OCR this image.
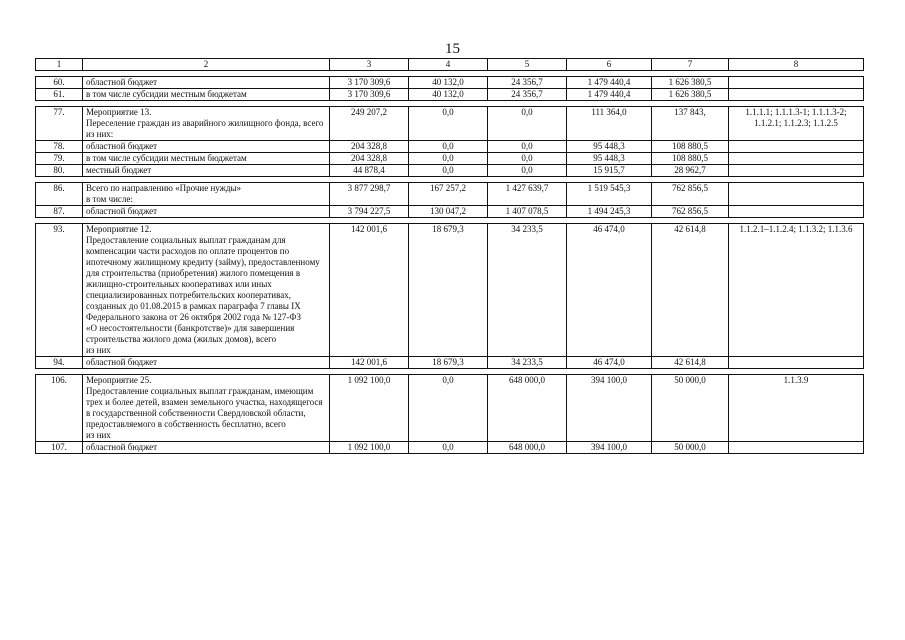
15
1	2	3	4	5	6	7	8

60.	областной бюджет	3 170 309,6	40 132,0	24 356,7	1 479 440,4	1 626 380,5	
61.	в том числе субсидии местным бюджетам	3 170 309,6	40 132,0	24 356,7	1 479 440,4	1 626 380,5	

77.	Мероприятие 13.
Переселение граждан из аварийного жилищного фонда, всего
из них:	249 207,2	0,0	0,0	111 364,0	137 843,	1.1.1.1; 1.1.1.3-1; 1.1.1.3-2; 1.1.2.1; 1.1.2.3; 1.1.2.5
78.	областной бюджет	204 328,8	0,0	0,0	95 448,3	108 880,5	
79.	в том числе субсидии местным бюджетам	204 328,8	0,0	0,0	95 448,3	108 880,5	
80.	местный бюджет	44 878,4	0,0	0,0	15 915,7	28 962,7	

86.	Всего по направлению «Прочие нужды»
в том числе:	3 877 298,7	167 257,2	1 427 639,7	1 519 545,3	762 856,5	
87.	областной бюджет	3 794 227,5	130 047,2	1 407 078,5	1 494 245,3	762 856,5	

93.	Мероприятие 12.
Предоставление социальных выплат гражданам для компенсации части расходов по оплате процентов по ипотечному жилищному кредиту (займу), предоставленному для строительства (приобретения) жилого помещения в жилищно-строительных кооперативах или иных специализированных потребительских кооперативах, созданных до 01.08.2015 в рамках параграфа 7 главы IX Федерального закона от 26 октября 2002 года № 127-ФЗ
«О несостоятельности (банкротстве)» для завершения строительства жилого дома (жилых домов), всего
из них	142 001,6	18 679,3	34 233,5	46 474,0	42 614,8	1.1.2.1–1.1.2.4; 1.1.3.2; 1.1.3.6
94.	областной бюджет	142 001,6	18 679,3	34 233,5	46 474,0	42 614,8	

106.	Мероприятие 25.
Предоставление социальных выплат гражданам, имеющим трех и более детей, взамен земельного участка, находящегося в государственной собственности Свердловской области, предоставляемого в собственность бесплатно, всего
из них	1 092 100,0	0,0	648 000,0	394 100,0	50 000,0	1.1.3.9
107.	областной бюджет	1 092 100,0	0,0	648 000,0	394 100,0	50 000,0	
